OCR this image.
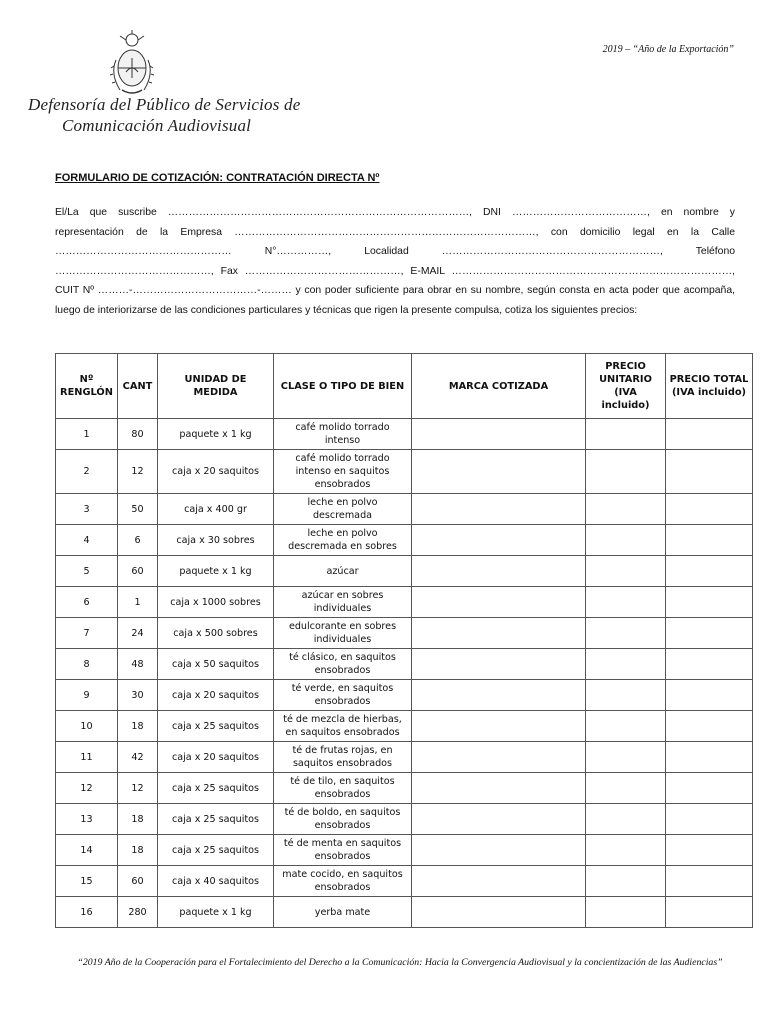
2019 – “Año de la Exportación”
Defensoría del Público de Servicios de
Comunicación Audiovisual
FORMULARIO DE COTIZACIÓN: CONTRATACIÓN DIRECTA Nº
El/La que suscribe ……………………………………………………………………………, DNI …………………………………, en nombre y representación de la Empresa ……………………………………………………………………………, con domicilio legal en la Calle …………………………………………… N°……………, Localidad ………………………………………………………, Teléfono ………………………………………, Fax ………………………………………, E-MAIL ………………………………………………………………………, CUIT Nº ………-………………………………-……… y con poder suficiente para obrar en su nombre, según consta en acta poder que acompaña, luego de interiorizarse de las condiciones particulares y técnicas que rigen la presente compulsa, cotiza los siguientes precios:
Nº RENGLÓN	CANT	UNIDAD DE MEDIDA	CLASE O TIPO DE BIEN	MARCA COTIZADA	PRECIO UNITARIO (IVA incluido)	PRECIO TOTAL (IVA incluido)
1	80	paquete x 1 kg	café molido torrado intenso			
2	12	caja x 20 saquitos	café molido torrado intenso en saquitos ensobrados			
3	50	caja x 400 gr	leche en polvo descremada			
4	6	caja x 30 sobres	leche en polvo descremada en sobres			
5	60	paquete x 1 kg	azúcar			
6	1	caja x 1000 sobres	azúcar en sobres individuales			
7	24	caja x 500 sobres	edulcorante en sobres individuales			
8	48	caja x 50 saquitos	té clásico, en saquitos ensobrados			
9	30	caja x 20 saquitos	té verde, en saquitos ensobrados			
10	18	caja x 25 saquitos	té de mezcla de hierbas, en saquitos ensobrados			
11	42	caja x 20 saquitos	té de frutas rojas, en saquitos ensobrados			
12	12	caja x 25 saquitos	té de tilo, en saquitos ensobrados			
13	18	caja x 25 saquitos	té de boldo, en saquitos ensobrados			
14	18	caja x 25 saquitos	té de menta en saquitos ensobrados			
15	60	caja x 40 saquitos	mate cocido, en saquitos ensobrados			
16	280	paquete x 1 kg	yerba mate			
“2019 Año de la Cooperación para el Fortalecimiento del Derecho a la Comunicación: Hacia la Convergencia Audiovisual y la concientización de las Audiencias”
